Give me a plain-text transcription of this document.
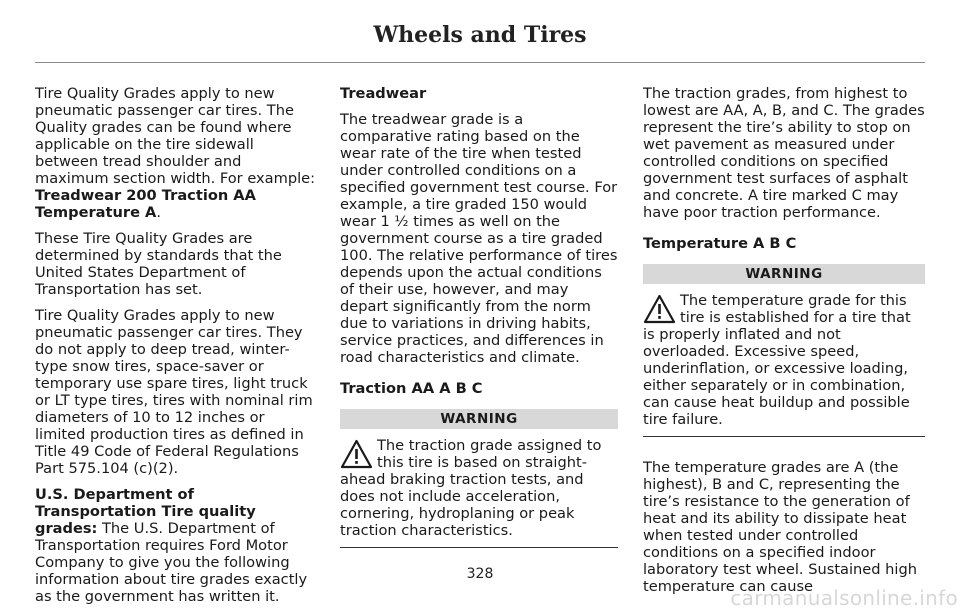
Wheels and Tires

Tire Quality Grades apply to new pneumatic passenger car tires. The Quality grades can be found where applicable on the tire sidewall between tread shoulder and maximum section width. For example: Treadwear 200 Traction AA Temperature A.

These Tire Quality Grades are determined by standards that the United States Department of Transportation has set.

Tire Quality Grades apply to new pneumatic passenger car tires. They do not apply to deep tread, winter-type snow tires, space-saver or temporary use spare tires, light truck or LT type tires, tires with nominal rim diameters of 10 to 12 inches or limited production tires as defined in Title 49 Code of Federal Regulations Part 575.104 (c)(2).

U.S. Department of Transportation Tire quality grades: The U.S. Department of Transportation requires Ford Motor Company to give you the following information about tire grades exactly as the government has written it.

Treadwear

The treadwear grade is a comparative rating based on the wear rate of the tire when tested under controlled conditions on a specified government test course. For example, a tire graded 150 would wear 1 ½ times as well on the government course as a tire graded 100. The relative performance of tires depends upon the actual conditions of their use, however, and may depart significantly from the norm due to variations in driving habits, service practices, and differences in road characteristics and climate.

Traction AA A B C

WARNING
The traction grade assigned to this tire is based on straight-ahead braking traction tests, and does not include acceleration, cornering, hydroplaning or peak traction characteristics.

The traction grades, from highest to lowest are AA, A, B, and C. The grades represent the tire’s ability to stop on wet pavement as measured under controlled conditions on specified government test surfaces of asphalt and concrete. A tire marked C may have poor traction performance.

Temperature A B C

WARNING
The temperature grade for this tire is established for a tire that is properly inflated and not overloaded. Excessive speed, underinflation, or excessive loading, either separately or in combination, can cause heat buildup and possible tire failure.

The temperature grades are A (the highest), B and C, representing the tire’s resistance to the generation of heat and its ability to dissipate heat when tested under controlled conditions on a specified indoor laboratory test wheel. Sustained high temperature can cause

328
carmanualsonline.info
